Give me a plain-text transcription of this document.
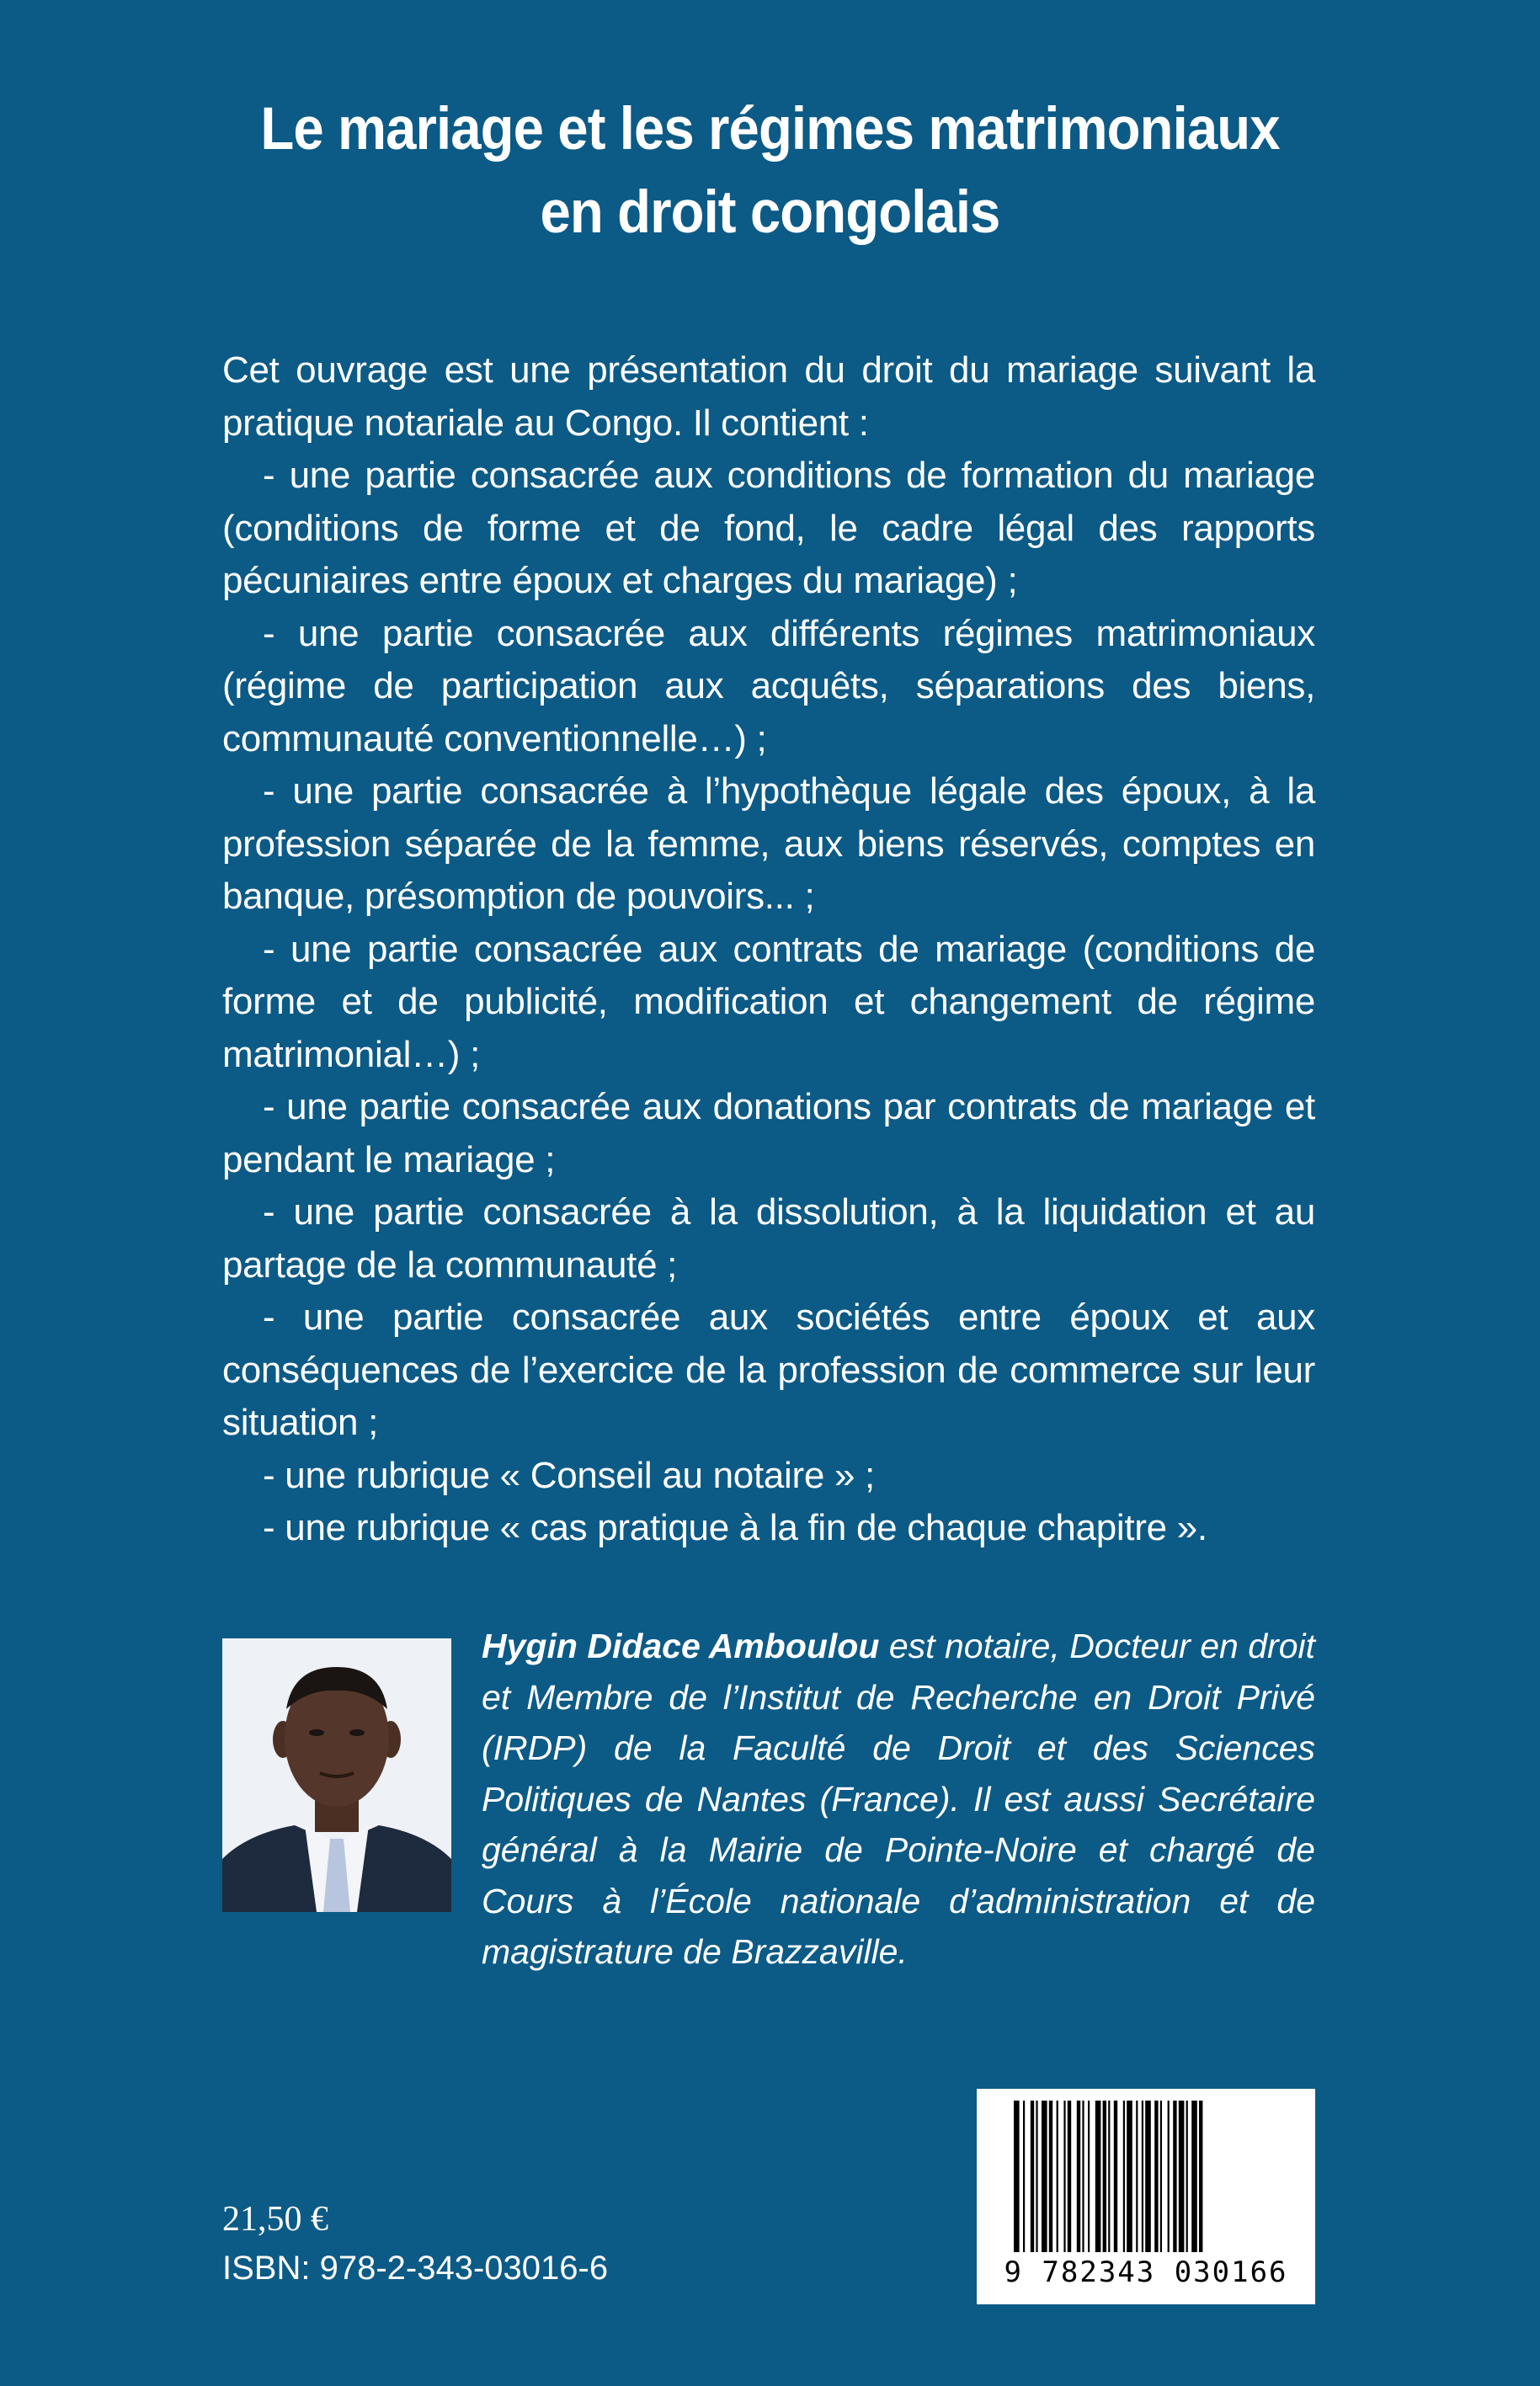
Le mariage et les régimes matrimoniaux
en droit congolais

Cet ouvrage est une présentation du droit du mariage suivant la pratique notariale au Congo. Il contient :

- une partie consacrée aux conditions de formation du mariage (conditions de forme et de fond, le cadre légal des rapports pécuniaires entre époux et charges du mariage) ;

- une partie consacrée aux différents régimes matrimoniaux (régime de participation aux acquêts, séparations des biens, communauté conventionnelle…) ;

- une partie consacrée à l’hypothèque légale des époux, à la profession séparée de la femme, aux biens réservés, comptes en banque, présomption de pouvoirs... ;

- une partie consacrée aux contrats de mariage (conditions de forme et de publicité, modification et changement de régime matrimonial…) ;

- une partie consacrée aux donations par contrats de mariage et pendant le mariage ;

- une partie consacrée à la dissolution, à la liquidation et au partage de la communauté ;

- une partie consacrée aux sociétés entre époux et aux conséquences de l’exercice de la profession de commerce sur leur situation ;

- une rubrique « Conseil au notaire » ;

- une rubrique « cas pratique à la fin de chaque chapitre ».

Hygin Didace Amboulou est notaire, Docteur en droit et Membre de l’Institut de Recherche en Droit Privé (IRDP) de la Faculté de Droit et des Sciences Politiques de Nantes (France). Il est aussi Secrétaire général à la Mairie de Pointe-Noire et chargé de Cours à l’École nationale d’administration et de magistrature de Brazzaville.
21,50 €
ISBN: 978-2-343-03016-6	9 782343 030166
